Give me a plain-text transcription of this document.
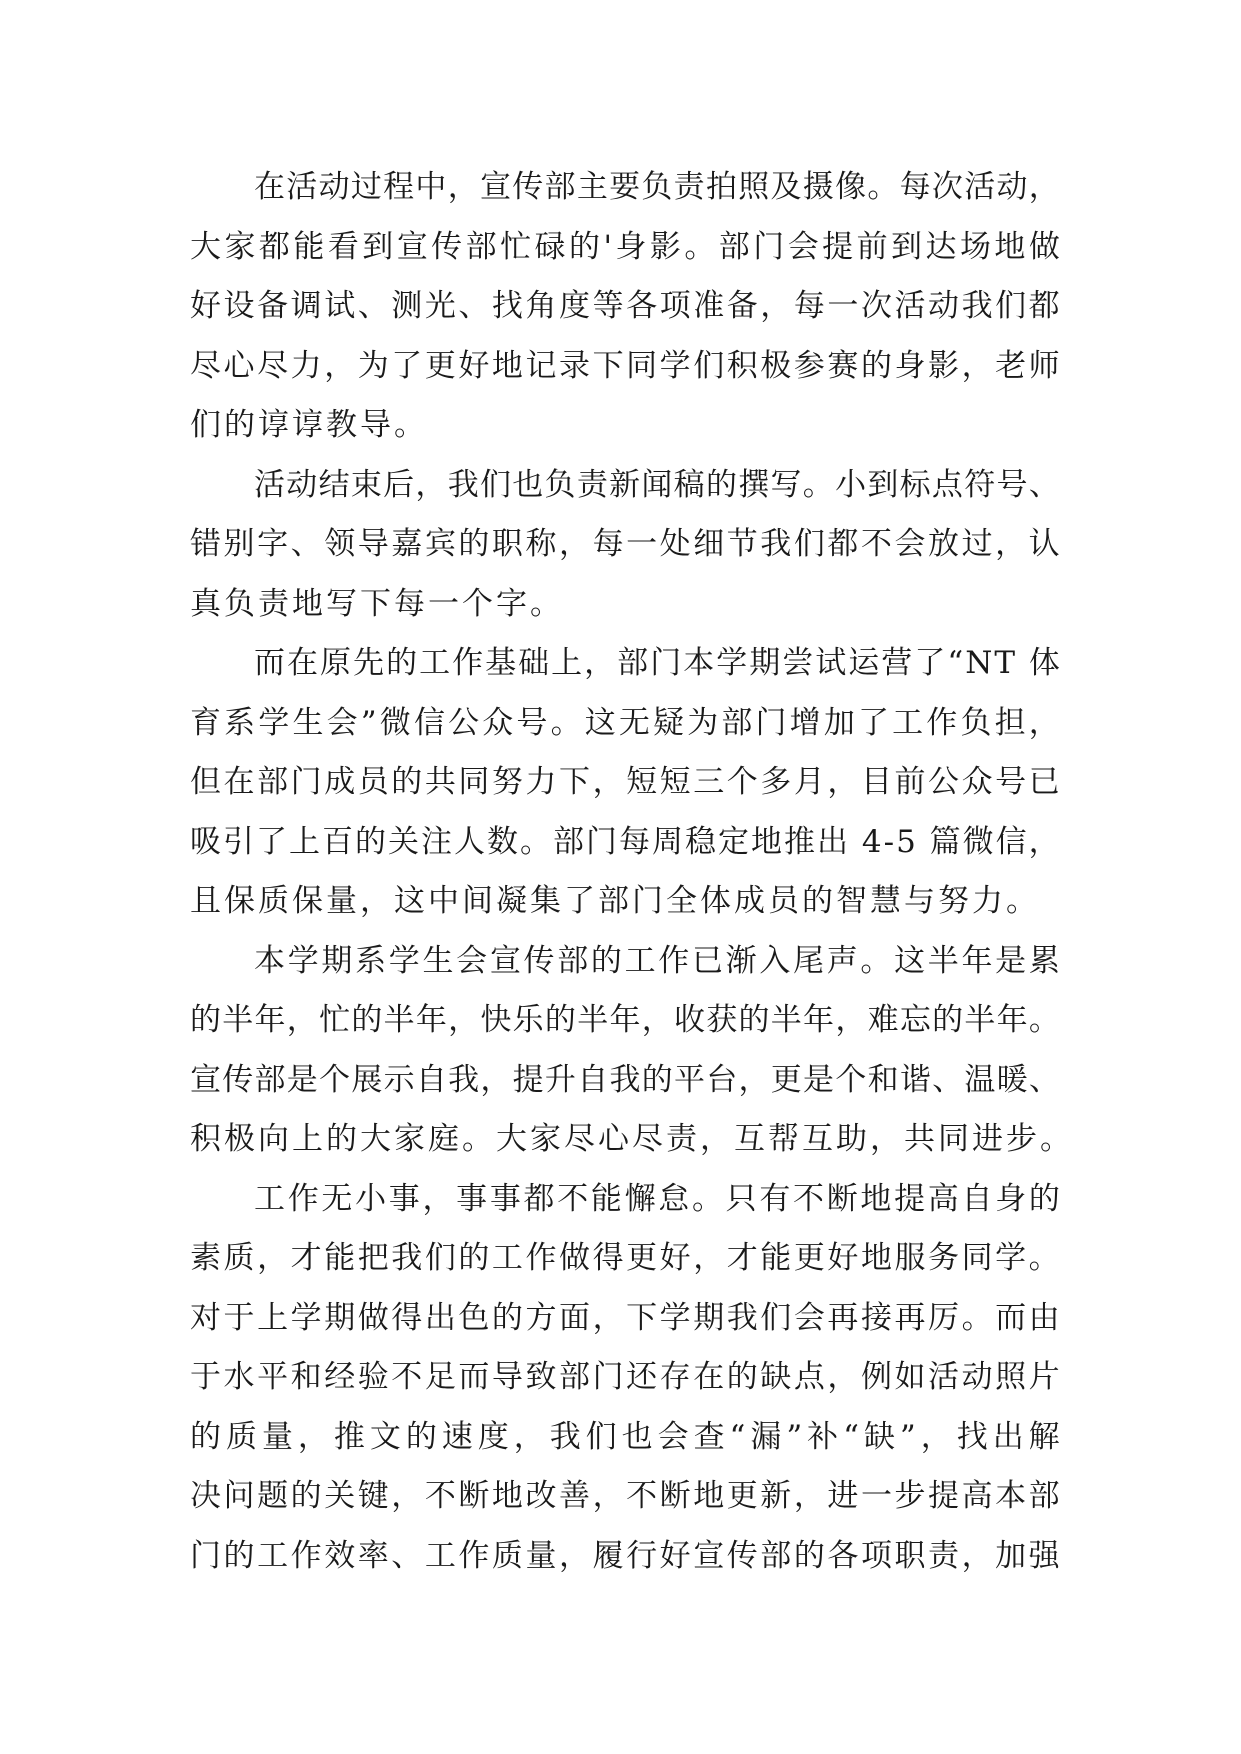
在 活 动 过 程 中 ， 宣 传 部 主 要 负 责 拍 照 及 摄 像 。 每 次 活 动 ，
大 家 都 能 看 到 宣 传 部 忙 碌 的 ' 身 影 。 部 门 会 提 前 到 达 场 地 做
好 设 备 调 试 、 测 光 、 找 角 度 等 各 项 准 备 ， 每 一 次 活 动 我 们 都
尽 心 尽 力 ， 为 了 更 好 地 记 录 下 同 学 们 积 极 参 赛 的 身 影 ， 老 师
们的谆谆教导。
活 动 结 束 后 ， 我 们 也 负 责 新 闻 稿 的 撰 写 。 小 到 标 点 符 号 、
错 别 字 、 领 导 嘉 宾 的 职 称 ， 每 一 处 细 节 我 们 都 不 会 放 过 ， 认
真负责地写下每一个字。
而 在 原 先 的 工 作 基 础 上 ， 部 门 本 学 期 尝 试 运 营 了 “ N T
体
育 系 学 生 会 ” 微 信 公 众 号 。 这 无 疑 为 部 门 增 加 了 工 作 负 担 ，
但 在 部 门 成 员 的 共 同 努 力 下 ， 短 短 三 个 多 月 ， 目 前 公 众 号 已
吸 引 了 上 百 的 关 注 人 数 。 部 门 每 周 稳 定 地 推 出
4 - 5
篇 微 信 ，
且保质保量，这中间凝集了部门全体成员的智慧与努力。
本 学 期 系 学 生 会 宣 传 部 的 工 作 已 渐 入 尾 声 。 这 半 年 是 累
的 半 年 ， 忙 的 半 年 ， 快 乐 的 半 年 ， 收 获 的 半 年 ， 难 忘 的 半 年 。
宣 传 部 是 个 展 示 自 我 ， 提 升 自 我 的 平 台 ， 更 是 个 和 谐 、 温 暖 、
积极向上的大家庭。大家尽心尽责，互帮互助，共同进步。
工 作 无 小 事 ， 事 事 都 不 能 懈 怠 。 只 有 不 断 地 提 高 自 身 的
素 质 ， 才 能 把 我 们 的 工 作 做 得 更 好 ， 才 能 更 好 地 服 务 同 学 。
对 于 上 学 期 做 得 出 色 的 方 面 ， 下 学 期 我 们 会 再 接 再 厉 。 而 由
于 水 平 和 经 验 不 足 而 导 致 部 门 还 存 在 的 缺 点 ， 例 如 活 动 照 片
的 质 量 ， 推 文 的 速 度 ， 我 们 也 会 查 “ 漏 ” 补 “ 缺 ” ， 找 出 解
决 问 题 的 关 键 ， 不 断 地 改 善 ， 不 断 地 更 新 ， 进 一 步 提 高 本 部
门 的 工 作 效 率 、 工 作 质 量 ， 履 行 好 宣 传 部 的 各 项 职 责 ， 加 强
